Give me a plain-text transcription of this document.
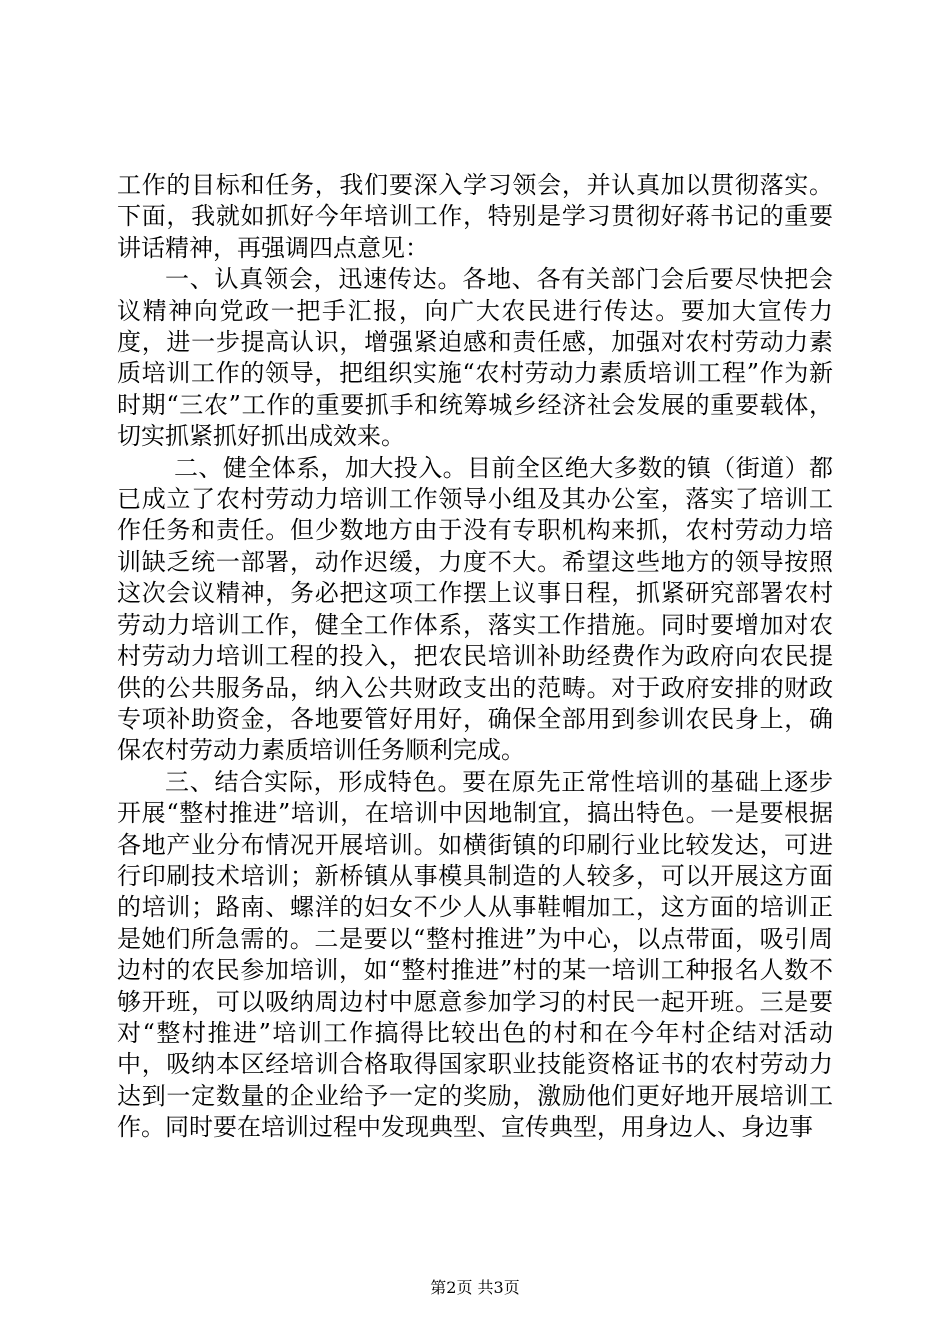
工作的目标和任务，我们要深入学习领会，并认真加以贯彻落实。下面，我就如抓好今年培训工作，特别是学习贯彻好蒋书记的重要讲话精神，再强调四点意见：

一、认真领会，迅速传达。各地、各有关部门会后要尽快把会议精神向党政一把手汇报，向广大农民进行传达。要加大宣传力度，进一步提高认识，增强紧迫感和责任感，加强对农村劳动力素质培训工作的领导，把组织实施“农村劳动力素质培训工程”作为新时期“三农”工作的重要抓手和统筹城乡经济社会发展的重要载体，切实抓紧抓好抓出成效来。

二、健全体系，加大投入。目前全区绝大多数的镇（街道）都已成立了农村劳动力培训工作领导小组及其办公室，落实了培训工作任务和责任。但少数地方由于没有专职机构来抓，农村劳动力培训缺乏统一部署，动作迟缓，力度不大。希望这些地方的领导按照这次会议精神，务必把这项工作摆上议事日程，抓紧研究部署农村劳动力培训工作，健全工作体系，落实工作措施。同时要增加对农村劳动力培训工程的投入，把农民培训补助经费作为政府向农民提供的公共服务品，纳入公共财政支出的范畴。对于政府安排的财政专项补助资金，各地要管好用好，确保全部用到参训农民身上，确保农村劳动力素质培训任务顺利完成。

三、结合实际，形成特色。要在原先正常性培训的基础上逐步开展“整村推进”培训，在培训中因地制宜，搞出特色。一是要根据各地产业分布情况开展培训。如横街镇的印刷行业比较发达，可进行印刷技术培训；新桥镇从事模具制造的人较多，可以开展这方面的培训；路南、螺洋的妇女不少人从事鞋帽加工，这方面的培训正是她们所急需的。二是要以“整村推进”为中心，以点带面，吸引周边村的农民参加培训，如“整村推进”村的某一培训工种报名人数不够开班，可以吸纳周边村中愿意参加学习的村民一起开班。三是要对“整村推进”培训工作搞得比较出色的村和在今年村企结对活动中，吸纳本区经培训合格取得国家职业技能资格证书的农村劳动力达到一定数量的企业给予一定的奖励，激励他们更好地开展培训工作。同时要在培训过程中发现典型、宣传典型，用身边人、身边事

第2页 共3页
